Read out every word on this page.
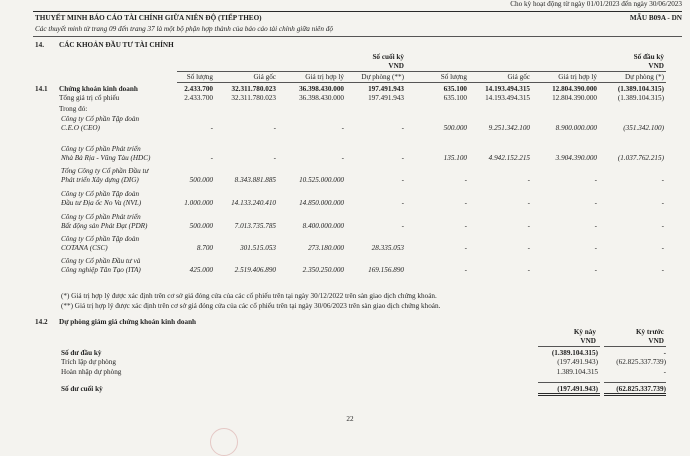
Cho kỳ hoạt động từ ngày 01/01/2023 đến ngày 30/06/2023
THUYẾT MINH BÁO CÁO TÀI CHÍNH GIỮA NIÊN ĐỘ (TIẾP THEO)	MẪU B09A - DN
Các thuyết minh từ trang 09 đến trang 37 là một bộ phận hợp thành của báo cáo tài chính giữa niên độ
14. CÁC KHOẢN ĐẦU TƯ TÀI CHÍNH
Số cuối kỳ
VND
Số đầu kỳ
VND
Số lượng	Giá gốc	Giá trị hợp lý	Dự phòng (**)	Số lượng	Giá gốc	Giá trị hợp lý	Dự phòng (*)
14.1 Chứng khoán kinh doanh	2.433.700	32.311.780.023	36.398.430.000	197.491.943	635.100	14.193.494.315	12.804.390.000	(1.389.104.315)
Tổng giá trị cổ phiếu	2.433.700	32.311.780.023	36.398.430.000	197.491.943	635.100	14.193.494.315	12.804.390.000	(1.389.104.315)
Trong đó:
Công ty Cổ phần Tập đoàn
C.E.O (CEO)	-	-	-	-	500.000	9.251.342.100	8.900.000.000	(351.342.100)
Công ty Cổ phần Phát triển
Nhà Bà Rịa - Vũng Tàu (HDC)	-	-	-	-	135.100	4.942.152.215	3.904.390.000	(1.037.762.215)
Tổng Công ty Cổ phần Đầu tư
Phát triển Xây dựng (DIG)	500.000	8.343.881.885	10.525.000.000	-	-	-	-	-
Công ty Cổ phần Tập đoàn
Đầu tư Địa ốc No Va (NVL)	1.000.000	14.133.240.410	14.850.000.000	-	-	-	-	-
Công ty Cổ phần Phát triển
Bất động sản Phát Đạt (PDR)	500.000	7.013.735.785	8.400.000.000	-	-	-	-	-
Công ty Cổ phần Tập đoàn
COTANA (CSC)	8.700	301.515.053	273.180.000	28.335.053	-	-	-	-
Công ty Cổ phần Đầu tư và
Công nghiệp Tân Tạo (ITA)	425.000	2.519.406.890	2.350.250.000	169.156.890	-	-	-	-
(*) Giá trị hợp lý được xác định trên cơ sở giá đóng cửa của các cổ phiếu trên tại ngày 30/12/2022 trên sàn giao dịch chứng khoán.
(**) Giá trị hợp lý được xác định trên cơ sở giá đóng cửa của các cổ phiếu trên tại ngày 30/06/2023 trên sàn giao dịch chứng khoán.
14.2 Dự phòng giảm giá chứng khoán kinh doanh
Kỳ này
VND
Kỳ trước
VND
Số dư đầu kỳ	(1.389.104.315)	-
Trích lập dự phòng	(197.491.943)	(62.825.337.739)
Hoàn nhập dự phòng	1.389.104.315	-
Số dư cuối kỳ	(197.491.943)	(62.825.337.739)
22
